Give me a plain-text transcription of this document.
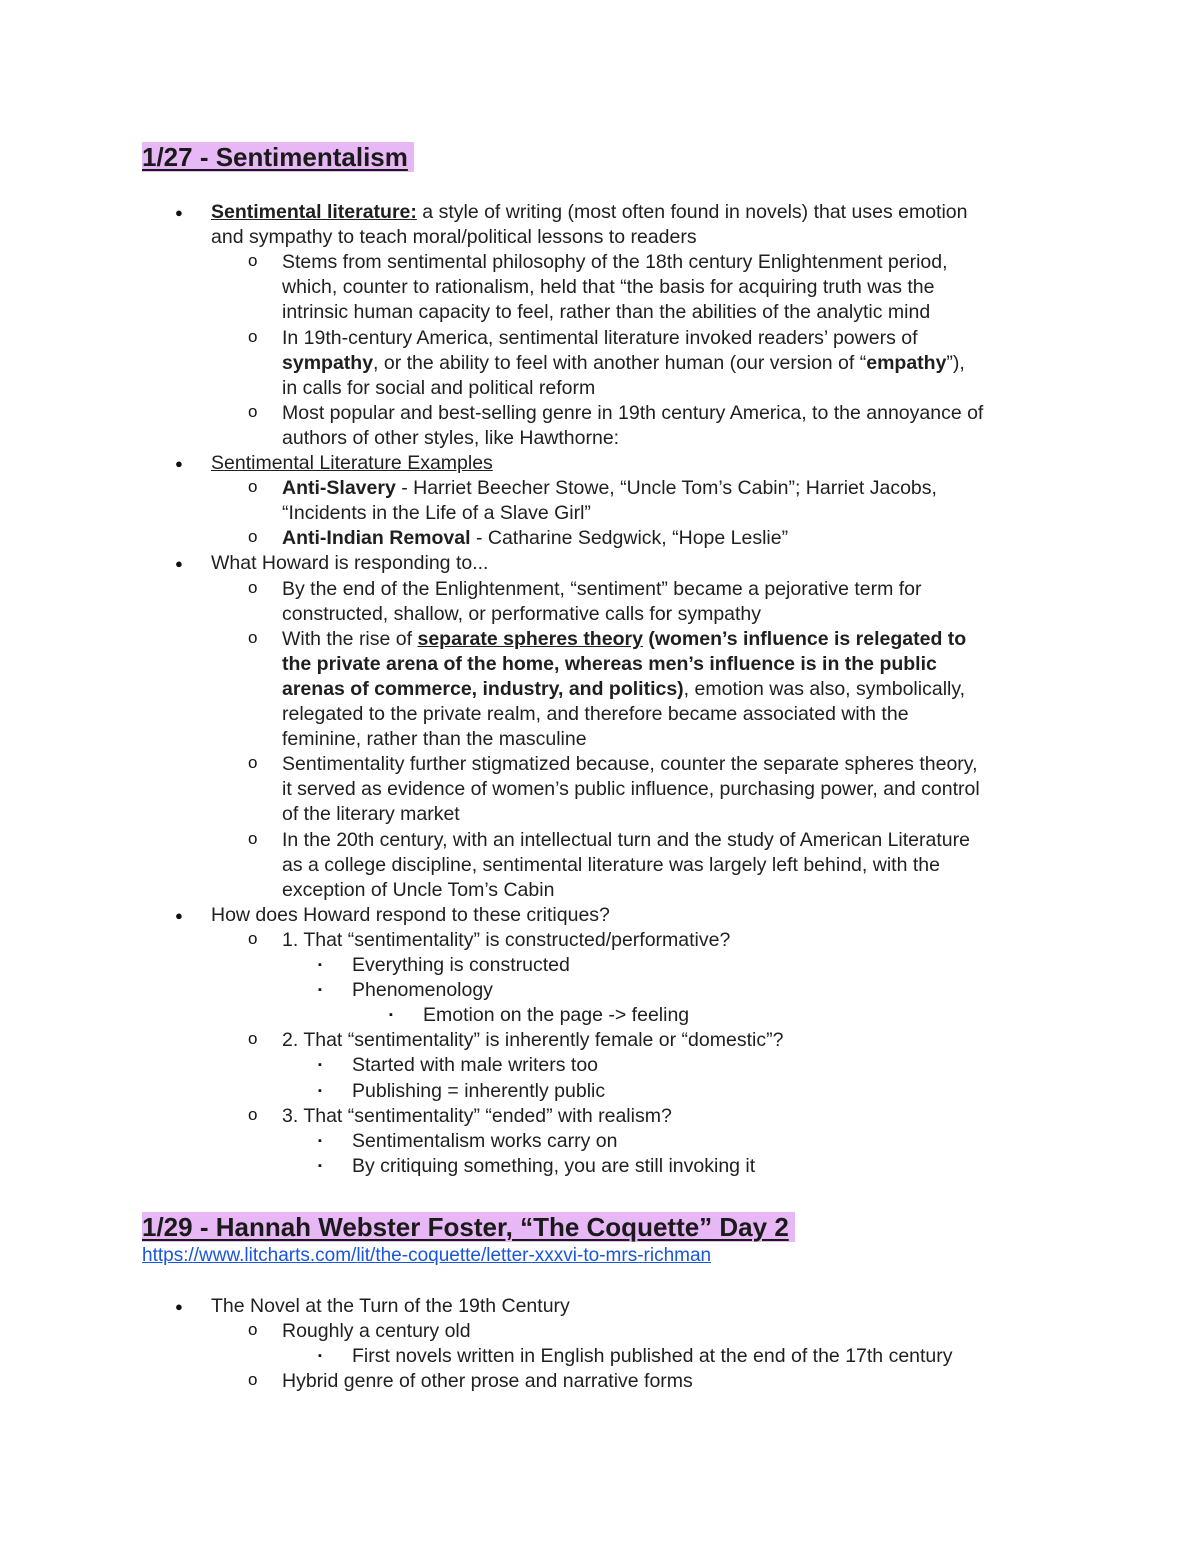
1/27 - Sentimentalism
● Sentimental literature: a style of writing (most often found in novels) that uses emotion
and sympathy to teach moral/political lessons to readers
o Stems from sentimental philosophy of the 18th century Enlightenment period,
which, counter to rationalism, held that “the basis for acquiring truth was the
intrinsic human capacity to feel, rather than the abilities of the analytic mind
o In 19th-century America, sentimental literature invoked readers’ powers of
sympathy, or the ability to feel with another human (our version of “empathy”),
in calls for social and political reform
o Most popular and best-selling genre in 19th century America, to the annoyance of
authors of other styles, like Hawthorne:
● Sentimental Literature Examples
o Anti-Slavery - Harriet Beecher Stowe, “Uncle Tom’s Cabin”; Harriet Jacobs,
“Incidents in the Life of a Slave Girl”
o Anti-Indian Removal - Catharine Sedgwick, “Hope Leslie”
● What Howard is responding to...
o By the end of the Enlightenment, “sentiment” became a pejorative term for
constructed, shallow, or performative calls for sympathy
o With the rise of separate spheres theory (women’s influence is relegated to
the private arena of the home, whereas men’s influence is in the public
arenas of commerce, industry, and politics), emotion was also, symbolically,
relegated to the private realm, and therefore became associated with the
feminine, rather than the masculine
o Sentimentality further stigmatized because, counter the separate spheres theory,
it served as evidence of women’s public influence, purchasing power, and control
of the literary market
o In the 20th century, with an intellectual turn and the study of American Literature
as a college discipline, sentimental literature was largely left behind, with the
exception of Uncle Tom’s Cabin
● How does Howard respond to these critiques?
o 1. That “sentimentality” is constructed/performative?
▪ Everything is constructed
▪ Phenomenology
▪ Emotion on the page -> feeling
o 2. That “sentimentality” is inherently female or “domestic”?
▪ Started with male writers too
▪ Publishing = inherently public
o 3. That “sentimentality” “ended” with realism?
▪ Sentimentalism works carry on
▪ By critiquing something, you are still invoking it
1/29 - Hannah Webster Foster, “The Coquette” Day 2
https://www.litcharts.com/lit/the-coquette/letter-xxxvi-to-mrs-richman
● The Novel at the Turn of the 19th Century
o Roughly a century old
▪ First novels written in English published at the end of the 17th century
o Hybrid genre of other prose and narrative forms
